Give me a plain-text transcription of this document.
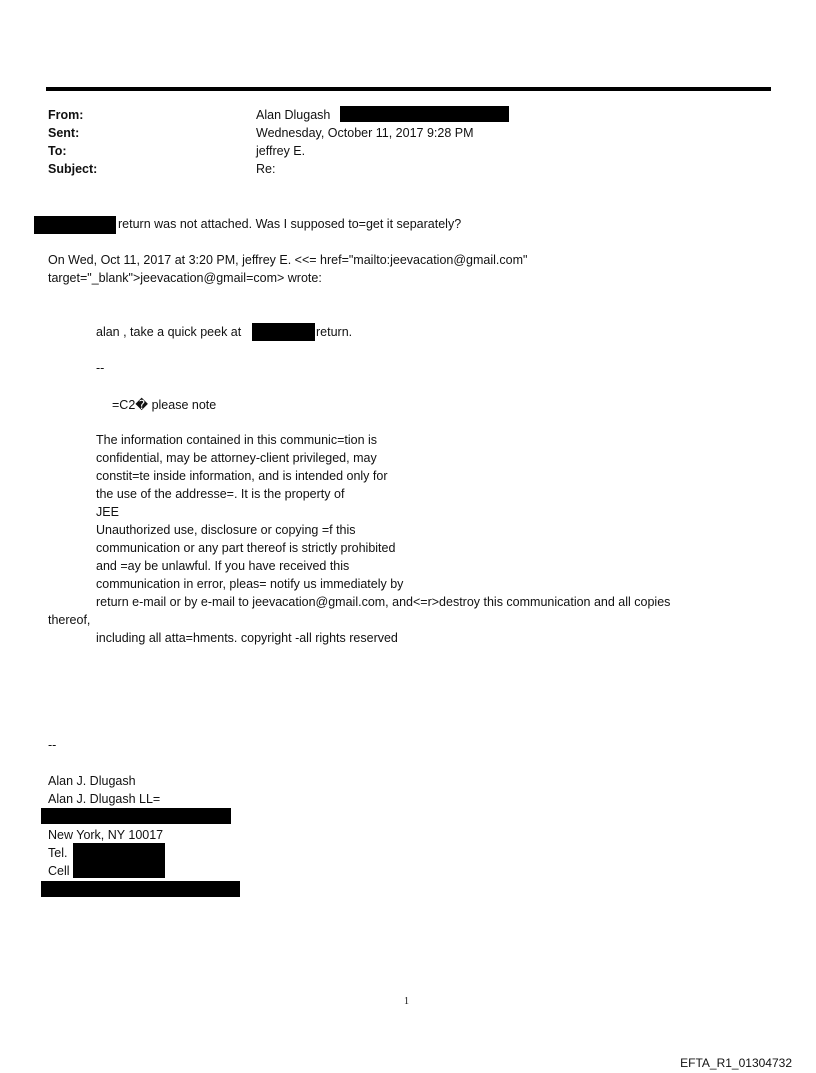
From:	Alan Dlugash
Sent:	Wednesday, October 11, 2017 9:28 PM
To:	jeffrey E.
Subject:	Re:
return was not attached. Was I supposed to=get it separately?
On Wed, Oct 11, 2017 at 3:20 PM, jeffrey E. <<= href="mailto:jeevacation@gmail.com"
target="_blank">jeevacation@gmail=com> wrote:
alan , take a quick peek at	return.
--
=C2� please note
The information contained in this communic=tion is
confidential, may be attorney-client privileged, may
constit=te inside information, and is intended only for
the use of the addresse=. It is the property of
JEE
Unauthorized use, disclosure or copying =f this
communication or any part thereof is strictly prohibited
and =ay be unlawful. If you have received this
communication in error, pleas= notify us immediately by
return e-mail or by e-mail to jeevacation@gmail.com, and<=r>destroy this communication and all copies
thereof,
including all atta=hments. copyright -all rights reserved
--
Alan J. Dlugash
Alan J. Dlugash LL=
New York, NY 10017
Tel.
Cell
1
EFTA_R1_01304732
